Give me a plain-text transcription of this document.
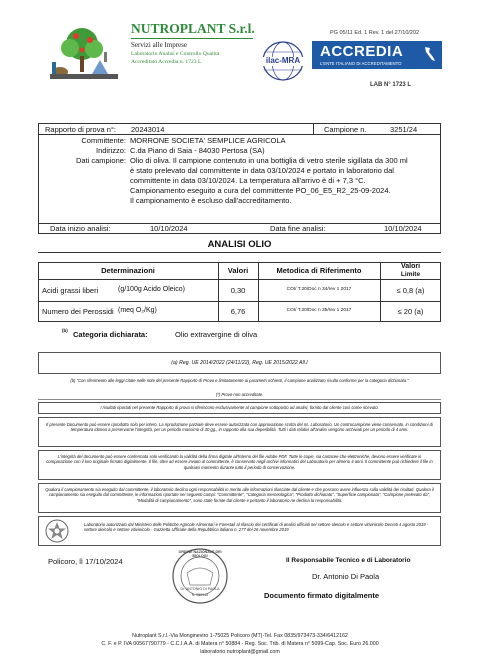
PG 05/11 Ed. 1 Rev. 1 del 27/10/202
NUTROPLANT S.r.l.
Servizi alle Imprese
Laboratorio Analisi e Controllo Qualità
Accreditato Accredia n. 1723 L	ilac-MRA
ACCREDIA
L'ENTE ITALIANO DI ACCREDITAMENTO
LAB N° 1723 L
Rapporto di prova n°: 20243014	Campione n.	3251/24
Committente: MORRONE SOCIETA' SEMPLICE AGRICOLA
Indirizzo: C.da Piano di Saia - 84030 Pertosa (SA)
Dati campione: Olio di oliva. Il campione contenuto in una bottiglia di vetro sterile sigillata da 300 ml
è stato prelevato dal committente in data 03/10/2024 e portato in laboratorio dal
committente in data 03/10/2024. La temperatura all'arrivo è di + 7,3 °C.
Campionamento eseguito a cura del committente PO_06_E5_R2_25-09-2024.
Il campionamento è escluso dall'accreditamento.
Data inizio analisi:	10/10/2024	Data fine analisi:	10/10/2024
ANALISI OLIO
Determinazioni	Valori	Metodica di Riferimento	Valori
Limite
Acidi grassi liberi	(g/100g Acido Oleico)	0,30	COI/ T.20/Doc n 34/rev 1 2017	≤ 0,8 (a)
Numero dei Perossidi (meq O₂/Kg)	6,76	COI/ T.20/Doc n 35/rev 1 2017	≤ 20 (a)
(b) Categoria dichiarata:	Olio extravergine di oliva
(a) Reg. UE 2014/2022 (24/11/22), Reg. UE 2015/2022 All.I
(b) "Con riferimento alle leggi citate nelle note del presente Rapporto di Prova e limitatamente ai parametri richiesti, il campione analizzato risulta conforme per la categoria dichiarata."
(*) Prove non accreditate.
I risultati riportati nel presente Rapporto di prova si riferiscono esclusivamente al campione sottoposto ad analisi, fornito dal cliente così come ricevuto.
Il presente Documento può essere riprodotto solo per intero. La riproduzione parziale deve essere autorizzata con approvazione scritta del ns. Laboratorio. Un controcampione viene conservato, in condizioni di temperatura idonea a preservarne l'integrità, per un periodo massimo di 30 gg., in rapporto alla sua deperibilità. Tutti i dati relativi all'analisi vengono archiviati per un periodo di 4 anni.
L'integrità del documento può essere confermata solo verificando la validità della firma digitale all'interno del file Adobe PDF. Tutte le copie, sia cartacee che elettroniche, devono essere verificate in comparazione con il loro originale firmato digitalmente. Il file, oltre ad essere inviato al committente, è conservato negli archivi informatici del Laboratorio per almeno 4 anni. Il committente può richiedere il file in qualsiasi momento durante tutto il periodo di conservazione.
Qualora il campionamento sia eseguito dal committente, il laboratorio declina ogni responsabilità in merito alle informazioni rilasciate dal cliente e che possono avere influenza sulla validità dei risultati. Qualora il campionamento sia eseguito dal committente, le informazioni riportate nei seguenti campi: "Committente", "Categoria merceologica", "Prodotto dichiarato", "Superficie campionata", "Campione prelevato da", "Modalità di campionamento", sono state fornite dal cliente e pertanto il laboratorio ne declina la responsabilità.
Laboratorio autorizzato dal Ministero delle Politiche Agricole Alimentari e Forestali al rilascio dei certificati di analisi ufficiali nel settore oleicolo e settore vitivinicolo Decreti 4 agosto 2019 - settore oleicolo e settore vitivinicolo - Gazzetta Ufficiale della Repubblica italiana n. 277 del 26 novembre 2019
Policoro, lì 17/10/2024
ORDINE NAZIONALE DEI BIOLOGI
Dr. ANTONIO DI PAOLA
N. 059918
Il Responsabile Tecnico e di Laboratorio
Dr. Antonio Di Paola
Documento firmato digitalmente
Nutroplant S.r.l.-Via Mongineviro 1-75025 Policoro (MT)-Tel. Fax 0835/973473-334/6412162
C. F. e P. IVA 00567790779 - C.C.I.A.A. di Matera n° 50884 - Reg. Soc. Trib. di Matera n° 5099-Cap. Soc. Euro 26.000
laboratorio.nutroplant@gmail.com
